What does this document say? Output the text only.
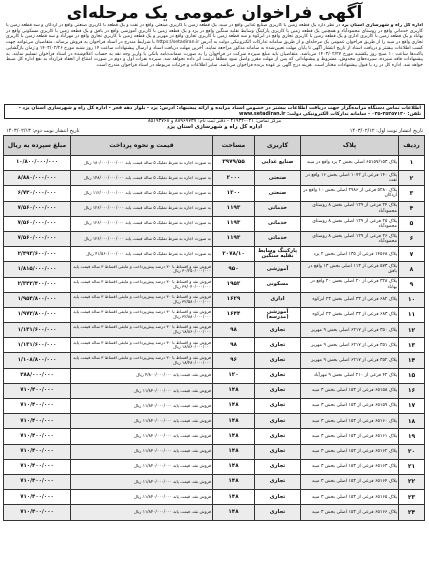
آگهی فراخوان عمومی یک مرحله‌ای
اداره کل راه و شهرسازی استان یزد در نظر دارد یک قطعه زمین با کاربری صنایع غذایی واقع در میبد، یک قطعه زمین با کاربری صنعتی واقع در تفت و یک قطعه با کاربری صنعتی واقع در اردکان و سه قطعه زمین با کاربری خدماتی واقع در روستای محمودآباد و همچنین یک قطعه زمین با کاربری پارکینگ وسایط نقلیه سنگین واقع در یزد و یک قطعه زمین با کاربری آموزشی واقع در بافق و یک قطعه زمین با کاربری مسکونی واقع در بهاباد و یک قطعه زمین با کاربری اداری و یک قطعه زمین با کاربری تجاری واقع در ابرکوه و سه قطعه زمین با کاربری تجاری واقع در مهریز و یک قطعه زمین با کاربری تجاری واقع در مهرآباد و سه قطعه زمین با کاربری تجاری واقع در میبد را از طریق فراخوان عمومی یک مرحله‌ای و از طریق سامانه تدارکات الکترونیکی دولت به آدرس https://setadiran.ir با شرایط مندرج در اسناد فراخوان به فروش برساند. متقاضیان می‌توانند جهت کسب اطلاعات بیشتر و دریافت اسناد از تاریخ انتشار آگهی تا پایان مهلت تعیین‌شده به سامانه مذکور مراجعه نمایند. آخرین مهلت دریافت اسناد و ارسال پیشنهادات ساعت ۱۴ روز شنبه مورخ ۱۴۰۳/۰۲/۲۶ و زمان بازگشایی پاکت‌ها ساعت ۱۰ صبح روز یکشنبه مورخ ۱۴۰۳/۰۲/۲۷ می‌باشد. متقاضیان باید مبلغ سپرده شرکت در فراخوان را به صورت ضمانت‌نامه بانکی یا واریز وجه نقد به حساب اعلام‌شده در اسناد فراخوان تسلیم نمایند. به پیشنهادات فاقد سپرده، سپرده‌های مخدوش، مشروط و پیشنهاداتی که پس از مهلت مقرر واصل شود مطلقاً ترتیب اثر داده نخواهد شد. سپرده نفرات اول و دوم در صورت امتناع از انعقاد قرارداد به نفع اداره کل ضبط خواهد شد. اداره کل در رد یا قبول پیشنهادات مختار است. هزینه درج آگهی بر عهده برنده فراخوان می‌باشد. سایر اطلاعات و جزئیات مربوطه در اسناد فراخوان مندرج است.
اطلاعات تماس دستگاه مزایده‌گزار جهت دریافت اطلاعات بیشتر در خصوص اسناد مزایده و ارائه پیشنهاد: آدرس: یزد - بلوار دهه فجر - اداره کل راه و شهرسازی استان یزد - تلفن: ۳۵۲۵۷۱۴۰-۰۳۵ - سامانه تدارکات الکترونیکی دولت: www.setadiran.ir
مرکز تماس: ۰۲۱-۴۱۹۳۴ - دفتر ثبت نام: ۸۸۹۶۹۷۳۷ و ۸۵۱۹۳۷۶۸
اداره کل راه و شهرسازی استان یزد
تاریخ انتشار نوبت اول: ۱۴۰۳/۰۲/۱۲
تاریخ انتشار نوبت دوم: ۱۴۰۳/۰۲/۱۳
ردیف	پلاک	کاربری	مساحت	قیمت و نحوه پرداخت	مبلغ سپرده به ریال
۱	پلاک ۶۵۱۵۷/۱۵۳ اصلی بخش ۳ یزد واقع در میبد	صنایع غذایی	۳۹۷۹/۵۵	به صورت اجاره به شرط تملیک ۵ ساله قیمت پایه ۱۸۰/۰۰۰/۰۰۰/۰۰۰ ریال	۱۰/۸۰۰/۰۰۰/۰۰۰
۲	پلاک ۱۴۰ فرعی از ۱۰۷۲ اصلی بخش ۱۶ واقع در تفت	صنعتی	۲۰۰۰	به صورت اجاره به شرط تملیک ۵ ساله قیمت پایه ۱۴۸/۰۰۰/۰۰۰/۰۰۰ ریال	۸/۸۸۰/۰۰۰/۰۰۰
۳	پلاک ۵۲۸۰ فرعی از ۲۹۸۶ اصلی بخش ۱۰ واقع در اردکان	صنعتی	۱۲۰۰	به صورت اجاره به شرط تملیک ۵ ساله قیمت پایه ۱۱۲/۰۰۰/۰۰۰/۰۰۰ ریال	۶/۷۲۰/۰۰۰/۰۰۰
۴	پلاک ۲۴ فرعی از ۱۲۹ اصلی بخش ۸ روستای محمودآباد	خدماتی	۱۱۹۳	به صورت اجاره به شرط تملیک ۵ ساله قیمت پایه ۱۲۶/۰۰۰/۰۰۰/۰۰۰ ریال	۷/۵۶۰/۰۰۰/۰۰۰
۵	پلاک ۲۵ فرعی از ۱۲۹ اصلی بخش ۸ روستای محمودآباد	خدماتی	۱۱۹۳	به صورت اجاره به شرط تملیک ۵ ساله قیمت پایه ۱۲۶/۰۰۰/۰۰۰/۰۰۰ ریال	۷/۵۶۰/۰۰۰/۰۰۰
۶	پلاک ۲۶ فرعی از ۱۲۹ اصلی بخش ۸ روستای محمودآباد	خدماتی	۱۱۹۳	به صورت اجاره به شرط تملیک ۵ ساله قیمت پایه ۱۲۶/۰۰۰/۰۰۰/۰۰۰ ریال	۷/۵۶۰/۰۰۰/۰۰۰
۷	پلاک ۱۴۵۶۸ فرعی از ۱۳۵ اصلی بخش ۲ یزد	پارکینگ وسایط نقلیه سنگین	۲۰۷۸/۱۰	به صورت اجاره به شرط تملیک ۵ ساله قیمت پایه ۴۱/۵۶۰/۰۰۰/۰۰۰ ریال	۲/۴۹۳/۶۰۰/۰۰۰
۸	پلاک ۵۷۳ فرعی از ۱۱۳ اصلی بخش ۱۳ واقع در بافق	آموزشی	۹۵۰	فروش نقد و اقساط با ۳۰ درصد پیش‌پرداخت و مابقی اقساط ۳ ساله قیمت پایه ۳۰/۲۵۰/۰۰۰/۰۰۰ ریال	۱/۸۱۵/۰۰۰/۰۰۰
۹	پلاک ۳۲۸ فرعی از ۲۰ اصلی بخش ۲۰ واقع در بهاباد	مسکونی	۱۹۵۲	فروش نقد و اقساط با ۳۰ درصد پیش‌پرداخت و مابقی اقساط ۳ ساله قیمت پایه ۳۹/۰۴۰/۰۰۰/۰۰۰ ریال	۲/۳۴۲/۴۰۰/۰۰۰
۱۰	پلاک ۶۸۲ فرعی از ۳۳ اصلی بخش ۲۳ ابرکوه	اداری	۱۶۲۹	فروش نقد و اقساط با ۳۰ درصد پیش‌پرداخت و مابقی اقساط ۳ ساله قیمت پایه ۳۲/۵۸۰/۰۰۰/۰۰۰ ریال	۱/۹۵۴/۸۰۰/۰۰۰
۱۱	پلاک ۶۸۳ فرعی از ۳۳ اصلی بخش ۲۳ ابرکوه	آموزشی (مدرسه)	۱۶۴۴	فروش نقد و اقساط با ۳۰ درصد پیش‌پرداخت و مابقی اقساط ۳ ساله قیمت پایه ۳۲/۸۸۰/۰۰۰/۰۰۰ ریال	۱/۹۷۲/۸۰۰/۰۰۰
۱۲	پلاک ۳۵۰ فرعی از ۶۲۱۷ اصلی بخش ۹ مهریز	تجاری	۹۸	فروش نقد و اقساط با ۳۰ درصد پیش‌پرداخت و مابقی اقساط ۳ ساله قیمت پایه ۱۸/۸۶۰/۰۰۰/۰۰۰ ریال	۱/۱۳۱/۶۰۰/۰۰۰
۱۳	پلاک ۳۵۱ فرعی از ۶۲۱۷ اصلی بخش ۹ مهریز	تجاری	۹۸	فروش نقد و اقساط با ۳۰ درصد پیش‌پرداخت و مابقی اقساط ۳ ساله قیمت پایه ۱۸/۸۶۰/۰۰۰/۰۰۰ ریال	۱/۱۳۱/۶۰۰/۰۰۰
۱۴	پلاک ۳۵۲ فرعی از ۶۲۱۷ اصلی بخش ۹ مهریز	تجاری	۹۶	فروش نقد و اقساط با ۳۰ درصد پیش‌پرداخت و مابقی اقساط ۳ ساله قیمت پایه ۱۸/۴۸۰/۰۰۰/۰۰۰ ریال	۱/۱۰۸/۸۰۰/۰۰۰
۱۵	پلاک ۴۲ فرعی از ۲۱۰ اصلی بخش ۹ مهرآباد	تجاری	۱۲۰	فروش نقد، قیمت پایه ۴/۸۰۰/۰۰۰/۰۰۰ ریال	۲۸۸/۰۰۰/۰۰۰
۱۶	پلاک ۶۵۱۵۸ فرعی از ۱۵۳ اصلی بخش ۳ میبد	تجاری	۱۴۸	فروش نقد، قیمت پایه ۱۱/۸۴۰/۰۰۰/۰۰۰ ریال	۷۱۰/۴۰۰/۰۰۰
۱۷	پلاک ۶۵۱۵۹ فرعی از ۱۵۳ اصلی بخش ۳ میبد	تجاری	۱۴۸	فروش نقد، قیمت پایه ۱۱/۸۴۰/۰۰۰/۰۰۰ ریال	۷۱۰/۴۰۰/۰۰۰
۱۸	پلاک ۶۵۱۶۰ فرعی از ۱۵۳ اصلی بخش ۳ میبد	تجاری	۱۴۸	فروش نقد، قیمت پایه ۱۱/۸۴۰/۰۰۰/۰۰۰ ریال	۷۱۰/۴۰۰/۰۰۰
۱۹	پلاک ۶۵۱۶۱ فرعی از ۱۵۳ اصلی بخش ۳ میبد	تجاری	۱۴۸	فروش نقد، قیمت پایه ۱۱/۸۴۰/۰۰۰/۰۰۰ ریال	۷۱۰/۴۰۰/۰۰۰
۲۰	پلاک ۶۵۱۶۲ فرعی از ۱۵۳ اصلی بخش ۳ میبد	تجاری	۱۴۸	فروش نقد، قیمت پایه ۱۱/۸۴۰/۰۰۰/۰۰۰ ریال	۷۱۰/۴۰۰/۰۰۰
۲۱	پلاک ۶۵۱۶۳ فرعی از ۱۵۳ اصلی بخش ۳ میبد	تجاری	۱۴۸	فروش نقد، قیمت پایه ۱۱/۸۴۰/۰۰۰/۰۰۰ ریال	۷۱۰/۴۰۰/۰۰۰
۲۲	پلاک ۶۵۱۶۴ فرعی از ۱۵۳ اصلی بخش ۳ میبد	تجاری	۱۴۸	فروش نقد، قیمت پایه ۱۱/۸۴۰/۰۰۰/۰۰۰ ریال	۷۱۰/۴۰۰/۰۰۰
۲۳	پلاک ۶۵۱۶۵ فرعی از ۱۵۳ اصلی بخش ۳ میبد	تجاری	۱۴۸	فروش نقد، قیمت پایه ۱۱/۸۴۰/۰۰۰/۰۰۰ ریال	۷۱۰/۴۰۰/۰۰۰
۲۴	پلاک ۶۵۱۶۶ فرعی از ۱۵۳ اصلی بخش ۳ میبد	تجاری	۱۴۸	فروش نقد، قیمت پایه ۱۱/۸۴۰/۰۰۰/۰۰۰ ریال	۷۱۰/۴۰۰/۰۰۰
